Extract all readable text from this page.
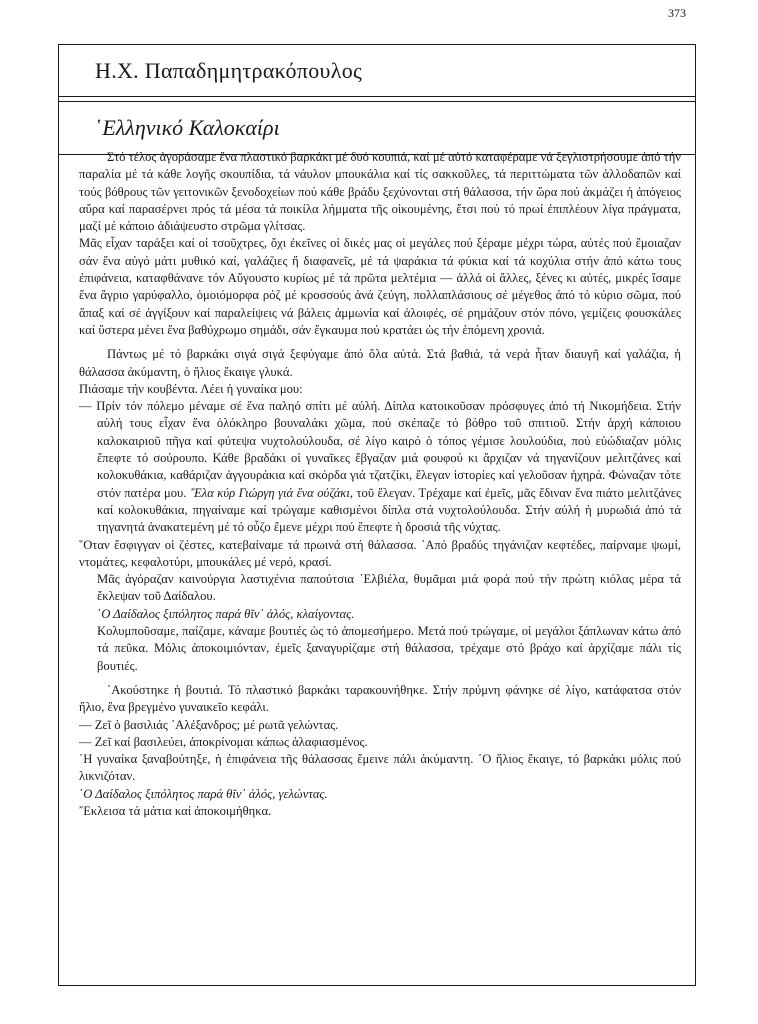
373
Η.Χ. Παπαδημητρακόπουλος
῾Ελληνικό Καλοκαίρι

Στό τέλος ἀγοράσαμε ἕνα πλαστικό βαρκάκι μέ δυό κουπιά, καί μέ αὐτό καταφέραμε νά ξεγλιστρήσουμε ἀπό τήν παραλία μέ τά κάθε λογῆς σκουπίδια, τά νάυλον μπουκάλια καί τίς σακκοῦλες, τά περιττώματα τῶν ἀλλοδαπῶν καί τούς βόθρους τῶν γειτονικῶν ξενοδοχείων πού κάθε βράδυ ξεχύνονται στή θάλασσα, τήν ὥρα πού ἀκμάζει ἡ ἀπόγειος αὔρα καί παρασέρνει πρός τά μέσα τά ποικίλα λήμματα τῆς οἰκουμένης, ἔτσι πού τό πρωί ἐπιπλέουν λίγα πράγματα, μαζί μέ κάποιο ἀδιάψευστο στρῶμα γλίτσας.

Μᾶς εἶχαν ταράξει καί οἱ τσοῦχτρες, ὄχι ἐκεῖνες οἱ δικές μας οἱ μεγάλες πού ξέραμε μέχρι τώρα, αὐτές πού ἔμοιαζαν σάν ἕνα αὐγό μάτι μυθικό καί, γαλάζιες ἤ διαφανεῖς, μέ τά ψαράκια τά φύκια καί τά κοχύλια στήν ἀπό κάτω τους ἐπιφάνεια, καταφθάνανε τόν Αὔγουστο κυρίως μέ τά πρῶτα μελτέμια — ἀλλά οἱ ἄλλες, ξένες κι αὐτές, μικρές ἴσαμε ἕνα ἄγριο γαρύφαλλο, ὁμοιόμορφα ρόζ μέ κροσσούς ἀνά ζεύγη, πολλαπλάσιους σέ μέγεθος ἀπό τό κύριο σῶμα, πού ἅπαξ καί σέ ἀγγίξουν καί παραλείψεις νά βάλεις ἀμμωνία καί ἀλοιφές, σέ ρημάζουν στόν πόνο, γεμίζεις φουσκάλες καί ὕστερα μένει ἕνα βαθύχρωμο σημάδι, σάν ἔγκαυμα πού κρατάει ὡς τήν ἑπόμενη χρονιά.

Πάντως μέ τό βαρκάκι σιγά σιγά ξεφύγαμε ἀπό ὅλα αὐτά. Στά βαθιά, τά νερά ἦταν διαυγῆ καί γαλάζια, ἡ θάλασσα ἀκύμαντη, ὁ ἥλιος ἔκαιγε γλυκά.

Πιάσαμε τήν κουβέντα. Λέει ἡ γυναίκα μου:

— Πρίν τόν πόλεμο μέναμε σέ ἕνα παληό σπίτι μέ αὐλή. Δίπλα κατοικοῦσαν πρόσφυγες ἀπό τή Νικομήδεια. Στήν αὐλή τους εἶχαν ἕνα ὁλόκληρο βουναλάκι χῶμα, πού σκέπαζε τό βόθρο τοῦ σπιτιοῦ. Στήν ἀρχή κάποιου καλοκαιριοῦ πῆγα καί φύτεψα νυχτολούλουδα, σέ λίγο καιρό ὁ τόπος γέμισε λουλούδια, πού εὐώδιαζαν μόλις ἔπεφτε τό σούρουπο. Κάθε βραδάκι οἱ γυναῖκες ἔβγαζαν μιά φουφού κι ἄρχιζαν νά τηγανίζουν μελιτζάνες καί κολοκυθάκια, καθάριζαν ἀγγουράκια καί σκόρδα γιά τζατζίκι, ἔλεγαν ἱστορίες καί γελοῦσαν ἠχηρά. Φώναζαν τότε στόν πατέρα μου. ῎Ελα κύρ Γιώργη γιά ἕνα οὐζάκι, τοῦ ἔλεγαν. Τρέχαμε καί ἐμεῖς, μᾶς ἔδιναν ἕνα πιάτο μελιτζάνες καί κολοκυθάκια, πηγαίναμε καί τρώγαμε καθισμένοι δίπλα στά νυχτολούλουδα. Στήν αὐλή ἡ μυρωδιά ἀπό τά τηγανητά ἀνακατεμένη μέ τό οὖζο ἔμενε μέχρι πού ἔπεφτε ἡ δροσιά τῆς νύχτας.

῞Οταν ἔσφιγγαν οἱ ζέστες, κατεβαίναμε τά πρωινά στή θάλασσα. ᾿Από βραδύς τηγάνιζαν κεφτέδες, παίρναμε ψωμί, ντομάτες, κεφαλοτύρι, μπουκάλες μέ νερό, κρασί.

Μᾶς ἀγόραζαν καινούργια λαστιχένια παπούτσια ᾿Ελβιέλα, θυμᾶμαι μιά φορά πού τήν πρώτη κιόλας μέρα τά ἔκλεψαν τοῦ Δαίδαλου.

῾Ο Δαίδαλος ξιπόλητος παρά θῖν᾿ ἁλός, κλαίγοντας.

Κολυμποῦσαμε, παίζαμε, κάναμε βουτιές ὡς τό ἀπομεσήμερο. Μετά πού τρώγαμε, οἱ μεγάλοι ξάπλωναν κάτω ἀπό τά πεῦκα. Μόλις ἀποκοιμιόνταν, ἐμεῖς ξαναγυρίζαμε στή θάλασσα, τρέχαμε στό βράχο καί ἀρχίζαμε πάλι τίς βουτιές.

᾿Ακούστηκε ἡ βουτιά. Τό πλαστικό βαρκάκι ταρακουνήθηκε. Στήν πρύμνη φάνηκε σέ λίγο, κατάφατσα στόν ἥλιο, ἕνα βρεγμένο γυναικεῖο κεφάλι.

— Ζεῖ ὁ βασιλιάς ᾿Αλέξανδρος; μέ ρωτᾶ γελώντας.

— Ζεῖ καί βασιλεύει, ἀποκρίνομαι κάπως ἀλαφιασμένος.

῾Η γυναίκα ξαναβούτηξε, ἡ ἐπιφάνεια τῆς θάλασσας ἔμεινε πάλι ἀκύμαντη. ῾Ο ἥλιος ἔκαιγε, τό βαρκάκι μόλις πού λικνιζόταν.

῾Ο Δαίδαλος ξιπόλητος παρά θῖν᾿ ἁλός, γελώντας.

῎Εκλεισα τά μάτια καί ἀποκοιμήθηκα.
